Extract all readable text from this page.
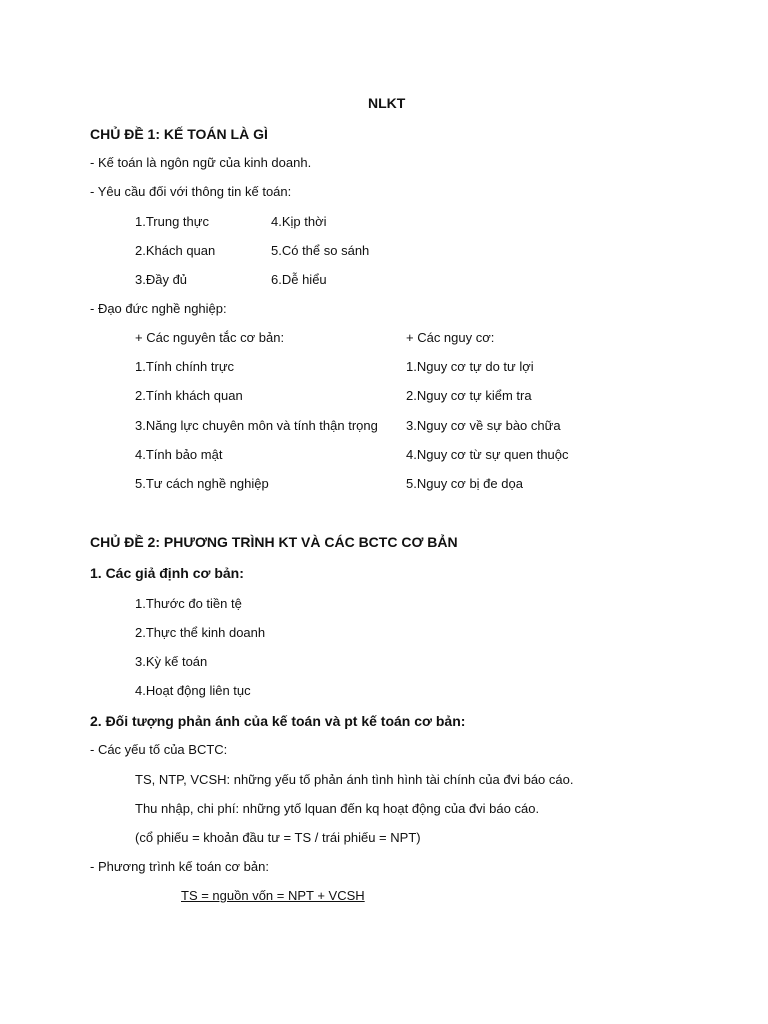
NLKT
CHỦ ĐỀ 1: KẾ TOÁN LÀ GÌ
- Kế toán là ngôn ngữ của kinh doanh.
- Yêu cầu đối với thông tin kế toán:
1.Trung thực	4.Kịp thời
2.Khách quan	5.Có thể so sánh
3.Đầy đủ	6.Dễ hiểu
- Đạo đức nghề nghiệp:
+ Các nguyên tắc cơ bản:	+ Các nguy cơ:
1.Tính chính trực	1.Nguy cơ tự do tư lợi
2.Tính khách quan	2.Nguy cơ tự kiểm tra
3.Năng lực chuyên môn và tính thận trọng 3.Nguy cơ về sự bào chữa
4.Tính bảo mật	4.Nguy cơ từ sự quen thuộc
5.Tư cách nghề nghiệp	5.Nguy cơ bị đe dọa
CHỦ ĐỀ 2: PHƯƠNG TRÌNH KT VÀ CÁC BCTC CƠ BẢN
1. Các giả định cơ bản:
1.Thước đo tiền tệ
2.Thực thể kinh doanh
3.Kỳ kế toán
4.Hoạt động liên tục
2. Đối tượng phản ánh của kế toán và pt kế toán cơ bản:
- Các yếu tố của BCTC:
TS, NTP, VCSH: những yếu tố phản ánh tình hình tài chính của đvi báo cáo.
Thu nhập, chi phí: những ytố lquan đến kq hoạt động của đvi báo cáo.
(cổ phiếu = khoản đầu tư = TS / trái phiếu = NPT)
- Phương trình kế toán cơ bản:
TS = nguồn vốn = NPT + VCSH
